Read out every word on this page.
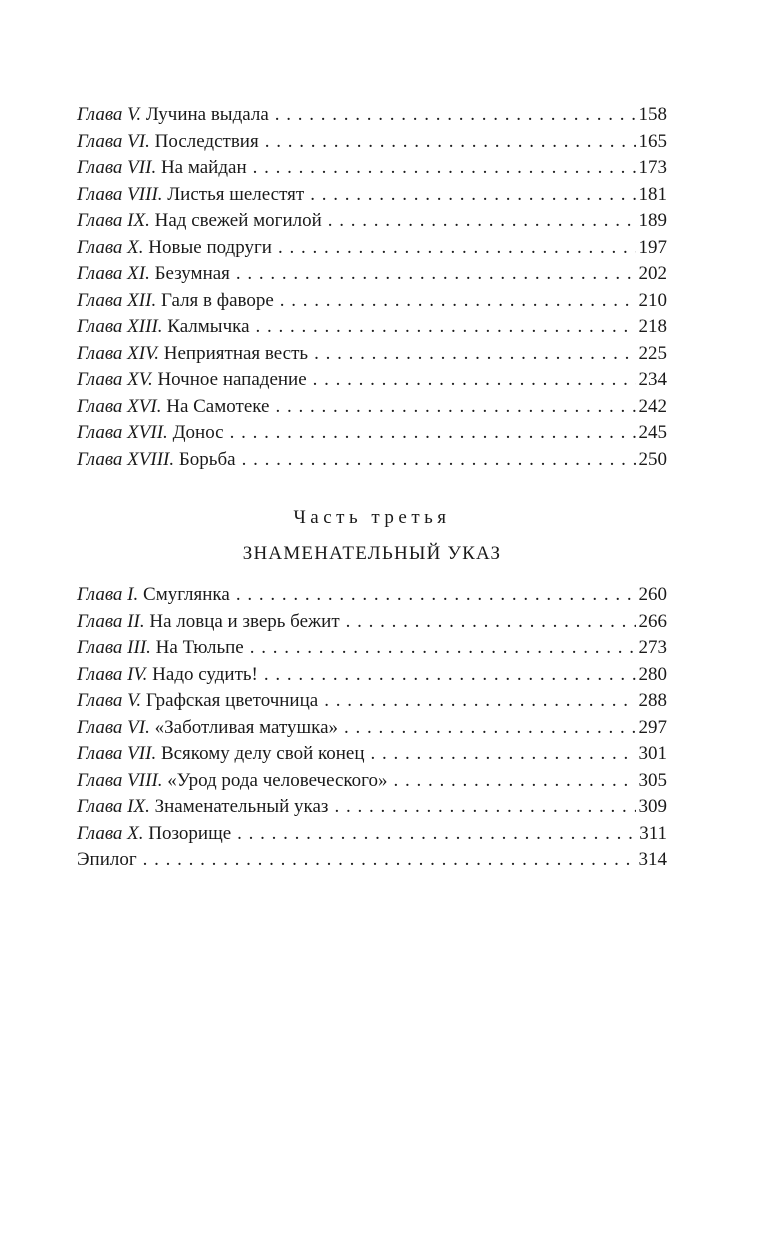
Глава V. Лучина выдала . . .	158
Глава VI. Последствия . . .	165
Глава VII. На майдан . . .	173
Глава VIII. Листья шелестят . . .	181
Глава IX. Над свежей могилой . . .	189
Глава X. Новые подруги . . .	197
Глава XI. Безумная . . .	202
Глава XII. Галя в фаворе . . .	210
Глава XIII. Калмычка . . .	218
Глава XIV. Неприятная весть . . .	225
Глава XV. Ночное нападение . . .	234
Глава XVI. На Самотеке . . .	242
Глава XVII. Донос . . .	245
Глава XVIII. Борьба . . .	250
Часть третья
ЗНАМЕНАТЕЛЬНЫЙ УКАЗ
Глава I. Смуглянка . . .	260
Глава II. На ловца и зверь бежит . . .	266
Глава III. На Тюльпе . . .	273
Глава IV. Надо судить! . . .	280
Глава V. Графская цветочница . . .	288
Глава VI. «Заботливая матушка» . . .	297
Глава VII. Всякому делу свой конец . . .	301
Глава VIII. «Урод рода человеческого» . . .	305
Глава IX. Знаменательный указ . . .	309
Глава X. Позорище . . .	311
Эпилог . . .	314
